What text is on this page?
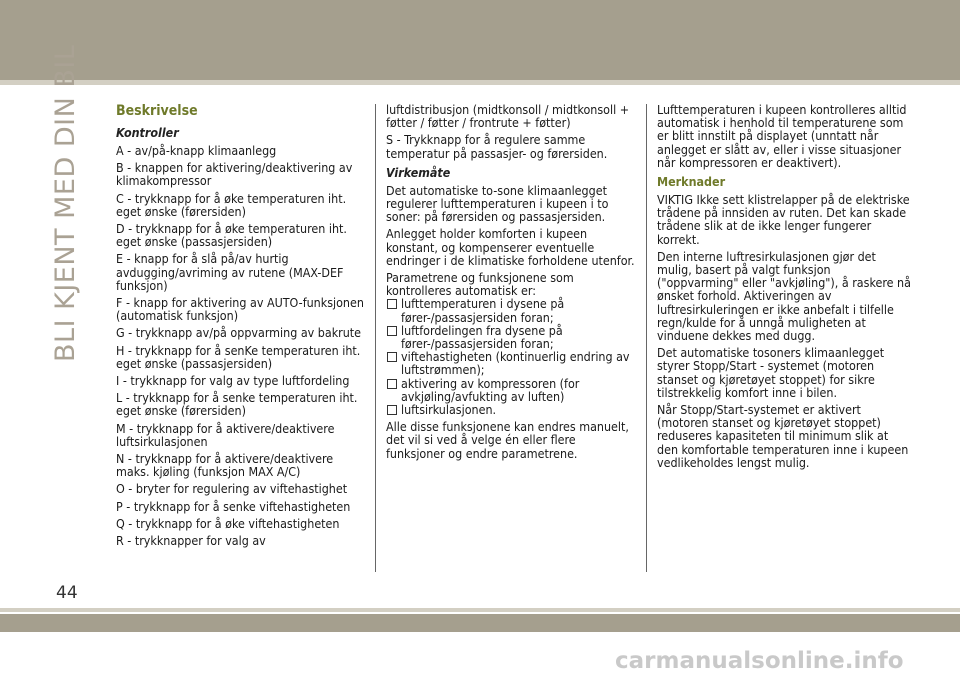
BLI KJENT MED DIN BIL	Beskrivelse
Kontroller

A - av/på-knapp klimaanlegg

B - knappen for aktivering/deaktivering av klimakompressor

C - trykknapp for å øke temperaturen iht. eget ønske (førersiden)

D - trykknapp for å øke temperaturen iht. eget ønske (passasjersiden)

E - knapp for å slå på/av hurtig avdugging/avriming av rutene (MAX-DEF funksjon)

F - knapp for aktivering av AUTO-funksjonen (automatisk funksjon)

G - trykknapp av/på oppvarming av bakrute

H - trykknapp for å senKe temperaturen iht. eget ønske (passasjersiden)

I - trykknapp for valg av type luftfordeling

L - trykknapp for å senke temperaturen iht. eget ønske (førersiden)

M - trykknapp for å aktivere/deaktivere luftsirkulasjonen

N - trykknapp for å aktivere/deaktivere maks. kjøling (funksjon MAX A/C)

O - bryter for regulering av viftehastighet

P - trykknapp for å senke viftehastigheten

Q - trykknapp for å øke viftehastigheten

R - trykknapper for valg av

luftdistribusjon (midtkonsoll / midtkonsoll + føtter / føtter / frontrute + føtter)

S - Trykknapp for å regulere samme temperatur på passasjer- og førersiden.

Virkemåte

Det automatiske to-sone klimaanlegget regulerer lufttemperaturen i kupeen i to soner: på førersiden og passasjersiden.

Anlegget holder komforten i kupeen konstant, og kompenserer eventuelle endringer i de klimatiske forholdene utenfor.

Parametrene og funksjonene som kontrolleres automatisk er:

lufttemperaturen i dysene på fører-/passasjersiden foran;
luftfordelingen fra dysene på fører-/passasjersiden foran;
viftehastigheten (kontinuerlig endring av luftstrømmen);
aktivering av kompressoren (for avkjøling/avfukting av luften)
luftsirkulasjonen.

Alle disse funksjonene kan endres manuelt, det vil si ved å velge én eller flere funksjoner og endre parametrene.

Lufttemperaturen i kupeen kontrolleres alltid automatisk i henhold til temperaturene som er blitt innstilt på displayet (unntatt når anlegget er slått av, eller i visse situasjoner når kompressoren er deaktivert).

Merknader

VIKTIG Ikke sett klistrelapper på de elektriske trådene på innsiden av ruten. Det kan skade trådene slik at de ikke lenger fungerer korrekt.

Den interne luftresirkulasjonen gjør det mulig, basert på valgt funksjon ("oppvarming" eller "avkjøling"), å raskere nå ønsket forhold. Aktiveringen av luftresirkuleringen er ikke anbefalt i tilfelle regn/kulde for å unngå muligheten at vinduene dekkes med dugg.

Det automatiske tosoners klimaanlegget styrer Stopp/Start - systemet (motoren stanset og kjøretøyet stoppet) for sikre tilstrekkelig komfort inne i bilen.

Når Stopp/Start-systemet er aktivert (motoren stanset og kjøretøyet stoppet) reduseres kapasiteten til minimum slik at den komfortable temperaturen inne i kupeen vedlikeholdes lengst mulig.

44
carmanualsonline.info
